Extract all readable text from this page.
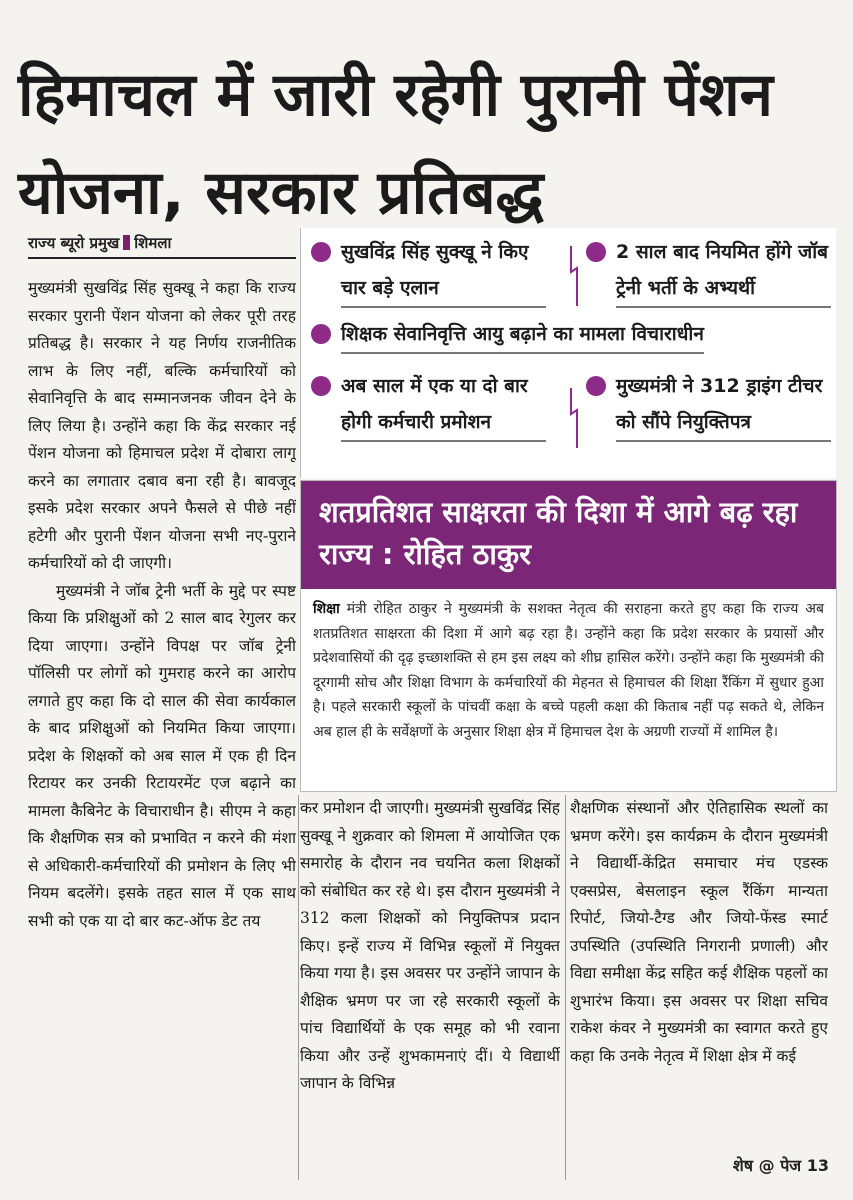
हिमाचल में जारी रहेगी पुरानी पेंशन योजना, सरकार प्रतिबद्ध
राज्य ब्यूरो प्रमुख शिमला	सुखविंद्र सिंह सुक्खू ने किए चार बड़े एलान
2 साल बाद नियमित होंगे जॉब ट्रेनी भर्ती के अभ्यर्थी
शिक्षक सेवानिवृत्ति आयु बढ़ाने का मामला विचाराधीन
अब साल में एक या दो बार होगी कर्मचारी प्रमोशन
मुख्यमंत्री ने 312 ड्राइंग टीचर को सौंपे नियुक्तिपत्र
शतप्रतिशत साक्षरता की दिशा में आगे बढ़ रहा राज्य : रोहित ठाकुर
शिक्षा मंत्री रोहित ठाकुर ने मुख्यमंत्री के सशक्त नेतृत्व की सराहना करते हुए कहा कि राज्य अब शतप्रतिशत साक्षरता की दिशा में आगे बढ़ रहा है। उन्होंने कहा कि प्रदेश सरकार के प्रयासों और प्रदेशवासियों की दृढ़ इच्छाशक्ति से हम इस लक्ष्य को शीघ्र हासिल करेंगे। उन्होंने कहा कि मुख्यमंत्री की दूरगामी सोच और शिक्षा विभाग के कर्मचारियों की मेहनत से हिमाचल की शिक्षा रैंकिंग में सुधार हुआ है। पहले सरकारी स्कूलों के पांचवीं कक्षा के बच्चे पहली कक्षा की किताब नहीं पढ़ सकते थे, लेकिन अब हाल ही के सर्वेक्षणों के अनुसार शिक्षा क्षेत्र में हिमाचल देश के अग्रणी राज्यों में शामिल है।

मुख्यमंत्री सुखविंद्र सिंह सुक्खू ने कहा कि राज्य सरकार पुरानी पेंशन योजना को लेकर पूरी तरह प्रतिबद्ध है। सरकार ने यह निर्णय राजनीतिक लाभ के लिए नहीं, बल्कि कर्मचारियों को सेवानिवृत्ति के बाद सम्मानजनक जीवन देने के लिए लिया है। उन्होंने कहा कि केंद्र सरकार नई पेंशन योजना को हिमाचल प्रदेश में दोबारा लागू करने का लगातार दबाव बना रही है। बावजूद इसके प्रदेश सरकार अपने फैसले से पीछे नहीं हटेगी और पुरानी पेंशन योजना सभी नए-पुराने कर्मचारियों को दी जाएगी।

मुख्यमंत्री ने जॉब ट्रेनी भर्ती के मुद्दे पर स्पष्ट किया कि प्रशिक्षुओं को 2 साल बाद रेगुलर कर दिया जाएगा। उन्होंने विपक्ष पर जॉब ट्रेनी पॉलिसी पर लोगों को गुमराह करने का आरोप लगाते हुए कहा कि दो साल की सेवा कार्यकाल के बाद प्रशिक्षुओं को नियमित किया जाएगा। प्रदेश के शिक्षकों को अब साल में एक ही दिन रिटायर कर उनकी रिटायरमेंट एज बढ़ाने का मामला कैबिनेट के विचाराधीन है। सीएम ने कहा कि शैक्षणिक सत्र को प्रभावित न करने की मंशा से अधिकारी-कर्मचारियों की प्रमोशन के लिए भी नियम बदलेंगे। इसके तहत साल में एक साथ सभी को एक या दो बार कट-ऑफ डेट तय

कर प्रमोशन दी जाएगी। मुख्यमंत्री सुखविंद्र सिंह सुक्खू ने शुक्रवार को शिमला में आयोजित एक समारोह के दौरान नव चयनित कला शिक्षकों को संबोधित कर रहे थे। इस दौरान मुख्यमंत्री ने 312 कला शिक्षकों को नियुक्तिपत्र प्रदान किए। इन्हें राज्य में विभिन्न स्कूलों में नियुक्त किया गया है। इस अवसर पर उन्होंने जापान के शैक्षिक भ्रमण पर जा रहे सरकारी स्कूलों के पांच विद्यार्थियों के एक समूह को भी रवाना किया और उन्हें शुभकामनाएं दीं। ये विद्यार्थी जापान के विभिन्न

शैक्षणिक संस्थानों और ऐतिहासिक स्थलों का भ्रमण करेंगे। इस कार्यक्रम के दौरान मुख्यमंत्री ने विद्यार्थी-केंद्रित समाचार मंच एडस्क एक्सप्रेस, बेसलाइन स्कूल रैंकिंग मान्यता रिपोर्ट, जियो-टैग्ड और जियो-फेंस्ड स्मार्ट उपस्थिति (उपस्थिति निगरानी प्रणाली) और विद्या समीक्षा केंद्र सहित कई शैक्षिक पहलों का शुभारंभ किया। इस अवसर पर शिक्षा सचिव राकेश कंवर ने मुख्यमंत्री का स्वागत करते हुए कहा कि उनके नेतृत्व में शिक्षा क्षेत्र में कई

शेष @ पेज 13
